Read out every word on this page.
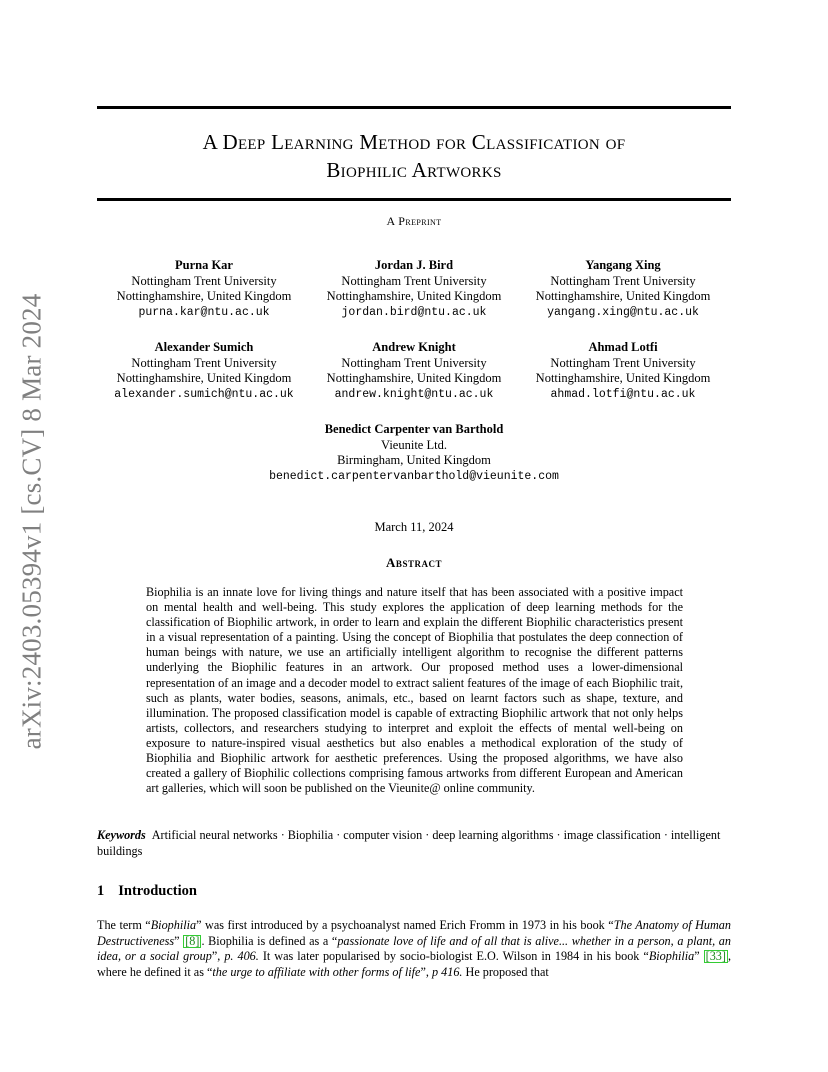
arXiv:2403.05394v1 [cs.CV] 8 Mar 2024
A Deep Learning Method for Classification of
Biophilic Artworks
A Preprint
Purna Kar
Nottingham Trent University
Nottinghamshire, United Kingdom
purna.kar@ntu.ac.uk
Jordan J. Bird
Nottingham Trent University
Nottinghamshire, United Kingdom
jordan.bird@ntu.ac.uk
Yangang Xing
Nottingham Trent University
Nottinghamshire, United Kingdom
yangang.xing@ntu.ac.uk
Alexander Sumich
Nottingham Trent University
Nottinghamshire, United Kingdom
alexander.sumich@ntu.ac.uk
Andrew Knight
Nottingham Trent University
Nottinghamshire, United Kingdom
andrew.knight@ntu.ac.uk
Ahmad Lotfi
Nottingham Trent University
Nottinghamshire, United Kingdom
ahmad.lotfi@ntu.ac.uk
Benedict Carpenter van Barthold
Vieunite Ltd.
Birmingham, United Kingdom
benedict.carpentervanbarthold@vieunite.com
March 11, 2024
Abstract

Biophilia is an innate love for living things and nature itself that has been associated with a positive impact on mental health and well-being. This study explores the application of deep learning methods for the classification of Biophilic artwork, in order to learn and explain the different Biophilic characteristics present in a visual representation of a painting. Using the concept of Biophilia that postulates the deep connection of human beings with nature, we use an artificially intelligent algorithm to recognise the different patterns underlying the Biophilic features in an artwork. Our proposed method uses a lower-dimensional representation of an image and a decoder model to extract salient features of the image of each Biophilic trait, such as plants, water bodies, seasons, animals, etc., based on learnt factors such as shape, texture, and illumination. The proposed classification model is capable of extracting Biophilic artwork that not only helps artists, collectors, and researchers studying to interpret and exploit the effects of mental well-being on exposure to nature-inspired visual aesthetics but also enables a methodical exploration of the study of Biophilia and Biophilic artwork for aesthetic preferences. Using the proposed algorithms, we have also created a gallery of Biophilic collections comprising famous artworks from different European and American art galleries, which will soon be published on the Vieunite@ online community.

Keywords Artificial neural networks · Biophilia · computer vision · deep learning algorithms · image classification · intelligent buildings
1 Introduction

The term “Biophilia” was first introduced by a psychoanalyst named Erich Fromm in 1973 in his book “The Anatomy of Human Destructiveness” [8] . Biophilia is defined as a “passionate love of life and of all that is alive... whether in a person, a plant, an idea, or a social group”, p. 406. It was later popularised by socio-biologist E.O. Wilson in 1984 in his book “Biophilia” [33] , where he defined it as “the urge to affiliate with other forms of life”, p 416. He proposed that
